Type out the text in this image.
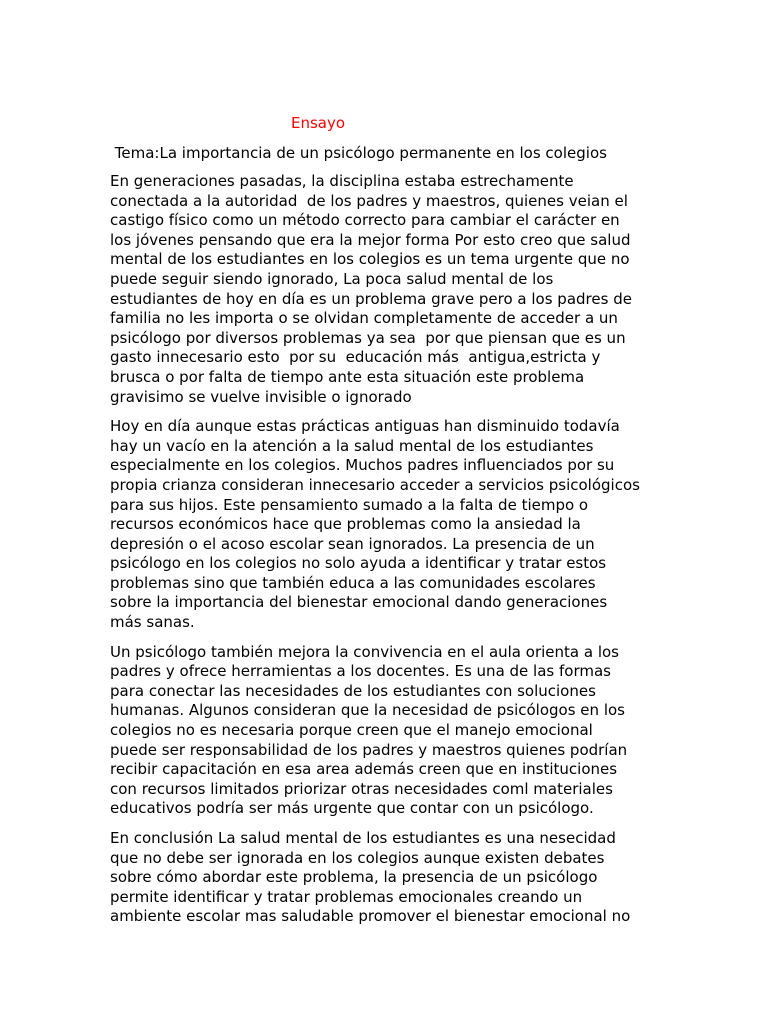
Ensayo
Tema:La importancia de un psicólogo permanente en los colegios

En generaciones pasadas, la disciplina estaba estrechamente
conectada a la autoridad  de los padres y maestros, quienes veian el
castigo físico como un método correcto para cambiar el carácter en
los jóvenes pensando que era la mejor forma Por esto creo que salud
mental de los estudiantes en los colegios es un tema urgente que no
puede seguir siendo ignorado, La poca salud mental de los
estudiantes de hoy en día es un problema grave pero a los padres de
familia no les importa o se olvidan completamente de acceder a un
psicólogo por diversos problemas ya sea  por que piensan que es un
gasto innecesario esto  por su  educación más  antigua,estricta y
brusca o por falta de tiempo ante esta situación este problema
gravisimo se vuelve invisible o ignorado

Hoy en día aunque estas prácticas antiguas han disminuido todavía
hay un vacío en la atención a la salud mental de los estudiantes
especialmente en los colegios. Muchos padres influenciados por su
propia crianza consideran innecesario acceder a servicios psicológicos
para sus hijos. Este pensamiento sumado a la falta de tiempo o
recursos económicos hace que problemas como la ansiedad la
depresión o el acoso escolar sean ignorados. La presencia de un
psicólogo en los colegios no solo ayuda a identificar y tratar estos
problemas sino que también educa a las comunidades escolares
sobre la importancia del bienestar emocional dando generaciones
más sanas.

Un psicólogo también mejora la convivencia en el aula orienta a los
padres y ofrece herramientas a los docentes. Es una de las formas
para conectar las necesidades de los estudiantes con soluciones
humanas. Algunos consideran que la necesidad de psicólogos en los
colegios no es necesaria porque creen que el manejo emocional
puede ser responsabilidad de los padres y maestros quienes podrían
recibir capacitación en esa area además creen que en instituciones
con recursos limitados priorizar otras necesidades coml materiales
educativos podría ser más urgente que contar con un psicólogo.

En conclusión La salud mental de los estudiantes es una nesecidad
que no debe ser ignorada en los colegios aunque existen debates
sobre cómo abordar este problema, la presencia de un psicólogo
permite identificar y tratar problemas emocionales creando un
ambiente escolar mas saludable promover el bienestar emocional no
